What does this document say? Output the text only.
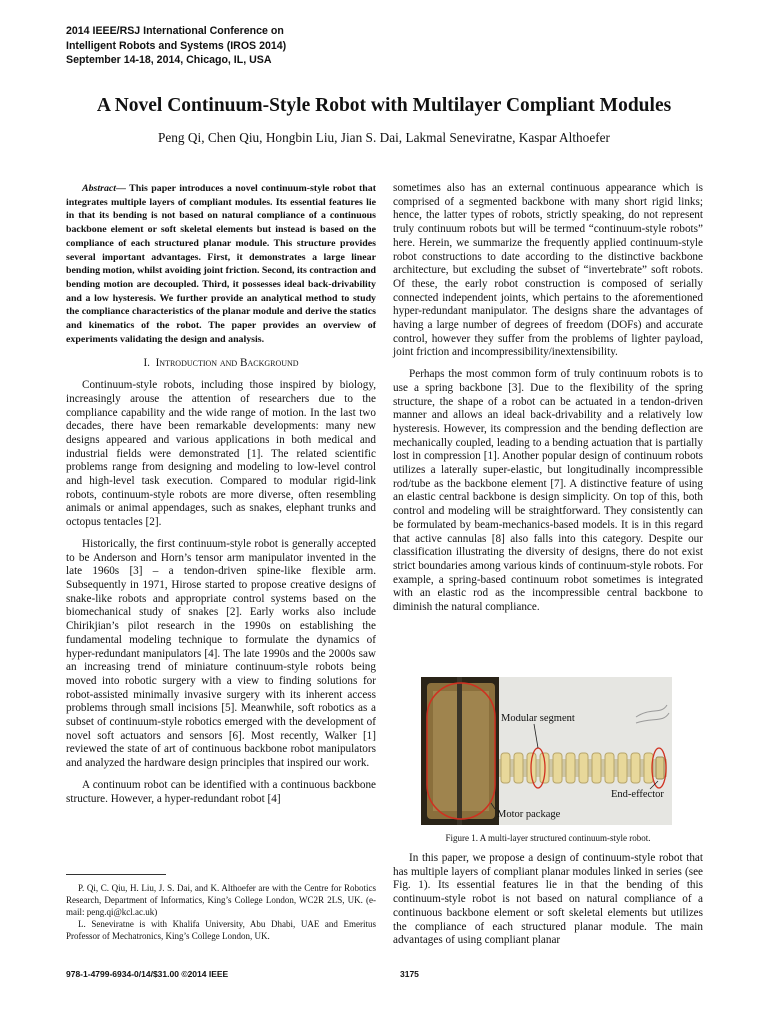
2014 IEEE/RSJ International Conference on
Intelligent Robots and Systems (IROS 2014)
September 14-18, 2014, Chicago, IL, USA
A Novel Continuum-Style Robot with Multilayer Compliant Modules
Peng Qi, Chen Qiu, Hongbin Liu, Jian S. Dai, Lakmal Seneviratne, Kaspar Althoefer

Abstract— This paper introduces a novel continuum-style robot that integrates multiple layers of compliant modules. Its essential features lie in that its bending is not based on natural compliance of a continuous backbone element or soft skeletal elements but instead is based on the compliance of each structured planar module. This structure provides several important advantages. First, it demonstrates a large linear bending motion, whilst avoiding joint friction. Second, its contraction and bending motion are decoupled. Third, it possesses ideal back-drivability and a low hysteresis. We further provide an analytical method to study the compliance characteristics of the planar module and derive the statics and kinematics of the robot. The paper provides an overview of experiments validating the design and analysis.

I. Introduction and Background

Continuum-style robots, including those inspired by biology, increasingly arouse the attention of researchers due to the compliance capability and the wide range of motion. In the last two decades, there have been remarkable developments: many new designs appeared and various applications in both medical and industrial fields were demonstrated [1]. The related scientific problems range from designing and modeling to low-level control and high-level task execution. Compared to modular rigid-link robots, continuum-style robots are more diverse, often resembling animals or animal appendages, such as snakes, elephant trunks and octopus tentacles [2].

Historically, the first continuum-style robot is generally accepted to be Anderson and Horn’s tensor arm manipulator invented in the late 1960s [3] – a tendon-driven spine-like flexible arm. Subsequently in 1971, Hirose started to propose creative designs of snake-like robots and appropriate control systems based on the biomechanical study of snakes [2]. Early works also include Chirikjian’s pilot research in the 1990s on establishing the fundamental modeling technique to formulate the dynamics of hyper-redundant manipulators [4]. The late 1990s and the 2000s saw an increasing trend of miniature continuum-style robots being moved into robotic surgery with a view to finding solutions for robot-assisted minimally invasive surgery with its inherent access problems through small incisions [5]. Meanwhile, soft robotics as a subset of continuum-style robotics emerged with the development of novel soft actuators and sensors [6]. Most recently, Walker [1] reviewed the state of art of continuous backbone robot manipulators and analyzed the hardware design principles that inspired our work.

A continuum robot can be identified with a continuous backbone structure. However, a hyper-redundant robot [4]

P. Qi, C. Qiu, H. Liu, J. S. Dai, and K. Althoefer are with the Centre for Robotics Research, Department of Informatics, King’s College London, WC2R 2LS, UK. (e-mail: peng.qi@kcl.ac.uk)

L. Seneviratne is with Khalifa University, Abu Dhabi, UAE and Emeritus Professor of Mechatronics, King’s College London, UK.

sometimes also has an external continuous appearance which is comprised of a segmented backbone with many short rigid links; hence, the latter types of robots, strictly speaking, do not represent truly continuum robots but will be termed “continuum-style robots” here. Herein, we summarize the frequently applied continuum-style robot constructions to date according to the distinctive backbone architecture, but excluding the subset of “invertebrate” soft robots. Of these, the early robot construction is composed of serially connected independent joints, which pertains to the aforementioned hyper-redundant manipulator. The designs share the advantages of having a large number of degrees of freedom (DOFs) and accurate control, however they suffer from the problems of lighter payload, joint friction and incompressibility/inextensibility.

Perhaps the most common form of truly continuum robots is to use a spring backbone [3]. Due to the flexibility of the spring structure, the shape of a robot can be actuated in a tendon-driven manner and allows an ideal back-drivability and a relatively low hysteresis. However, its compression and the bending deflection are mechanically coupled, leading to a bending actuation that is partially lost in compression [1]. Another popular design of continuum robots utilizes a laterally super-elastic, but longitudinally incompressible rod/tube as the backbone element [7]. A distinctive feature of using an elastic central backbone is design simplicity. On top of this, both control and modeling will be straightforward. They consistently can be formulated by beam-mechanics-based models. It is in this regard that active cannulas [8] also falls into this category. Despite our classification illustrating the diversity of designs, there do not exist strict boundaries among various kinds of continuum-style robots. For example, a spring-based continuum robot sometimes is integrated with an elastic rod as the incompressible central backbone to diminish the natural compliance.

Modular segment
End-effector
Motor package
Figure 1. A multi-layer structured continuum-style robot.

In this paper, we propose a design of continuum-style robot that has multiple layers of compliant planar modules linked in series (see Fig. 1). Its essential features lie in that the bending of this continuum-style robot is not based on natural compliance of a continuous backbone element or soft skeletal elements but utilizes the compliance of each structured planar module. The main advantages of using compliant planar

978-1-4799-6934-0/14/$31.00 ©2014 IEEE	3175
